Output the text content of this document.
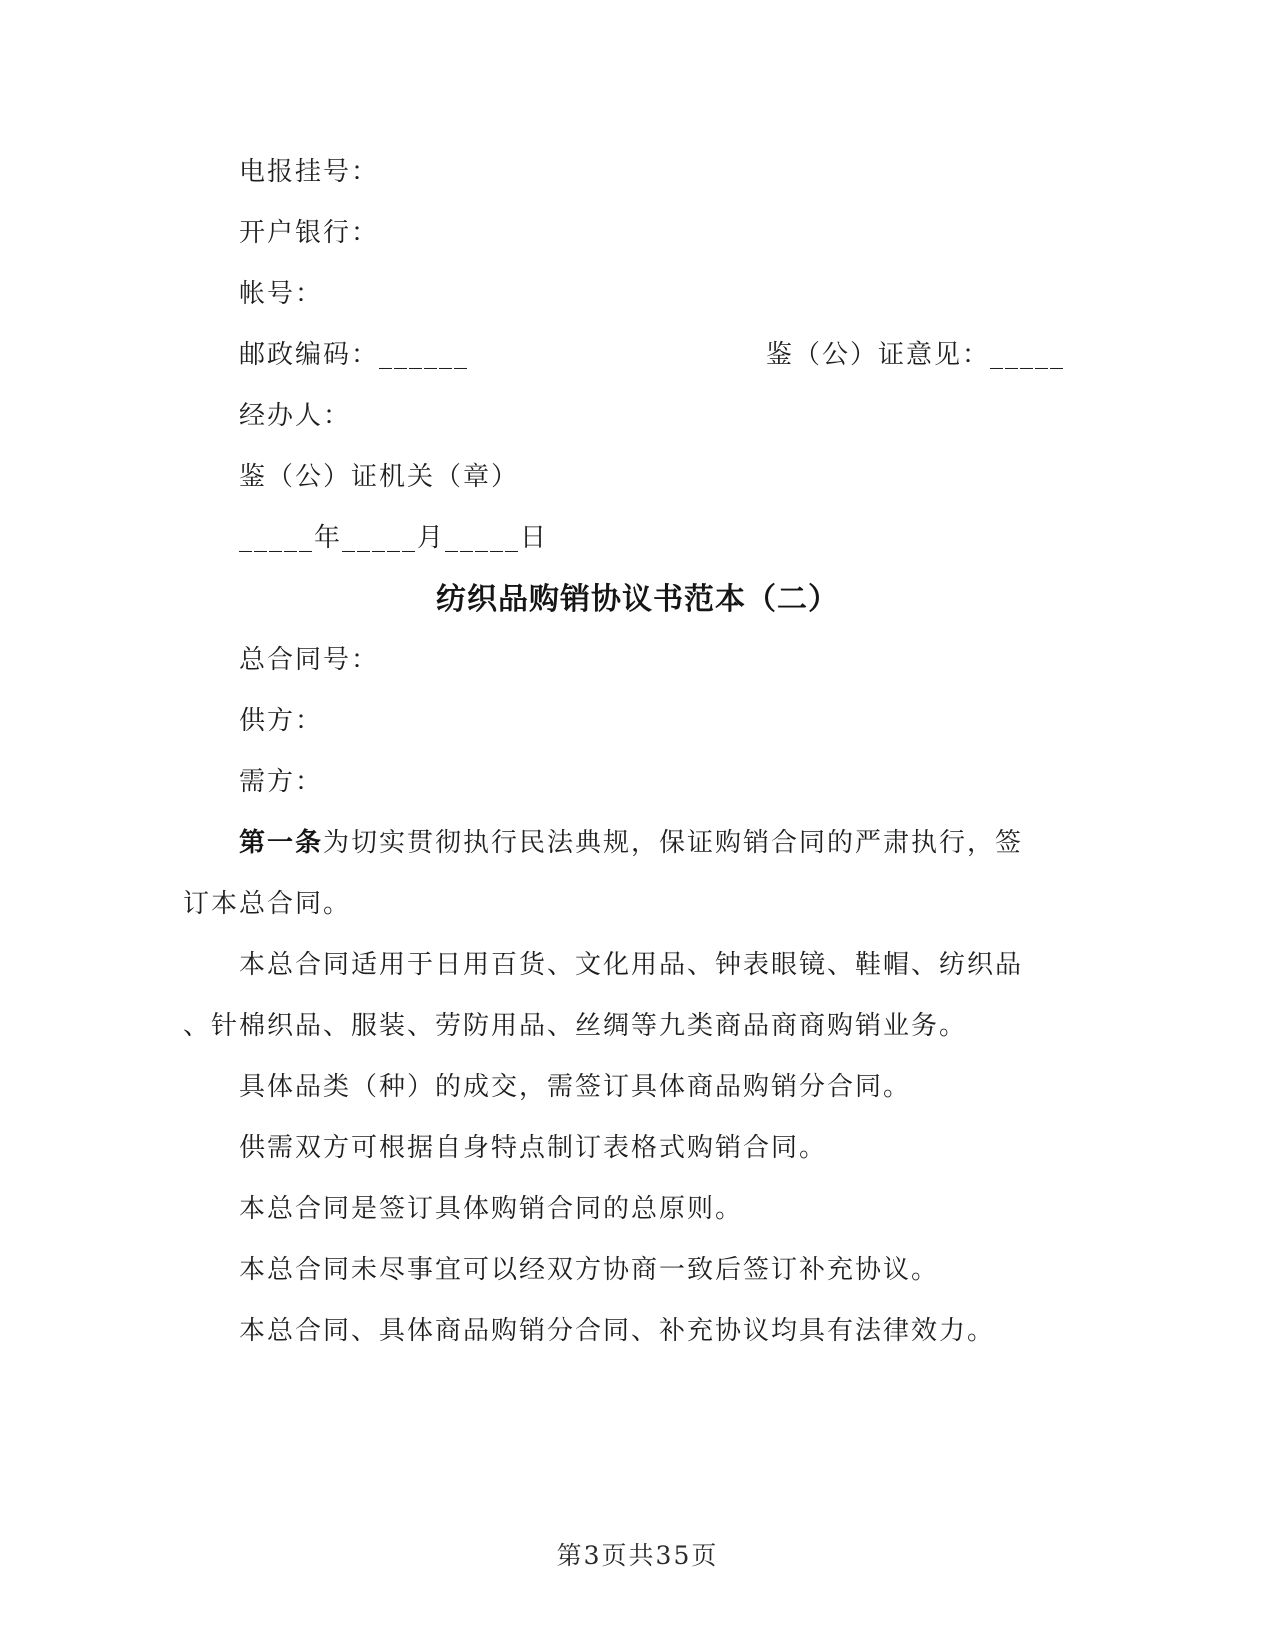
电报挂号：
开户银行：
帐号：
邮政编码：______	鉴（公）证意见：_____
经办人：
鉴（公）证机关（章）
_____年_____月_____日
纺织品购销协议书范本（二）
总合同号：
供方：
需方：
第一条为切实贯彻执行民法典规，保证购销合同的严肃执行，签
订本总合同。
本总合同适用于日用百货、文化用品、钟表眼镜、鞋帽、纺织品
、针棉织品、服装、劳防用品、丝绸等九类商品商商购销业务。
具体品类（种）的成交，需签订具体商品购销分合同。
供需双方可根据自身特点制订表格式购销合同。
本总合同是签订具体购销合同的总原则。
本总合同未尽事宜可以经双方协商一致后签订补充协议。
本总合同、具体商品购销分合同、补充协议均具有法律效力。
第3页共35页
